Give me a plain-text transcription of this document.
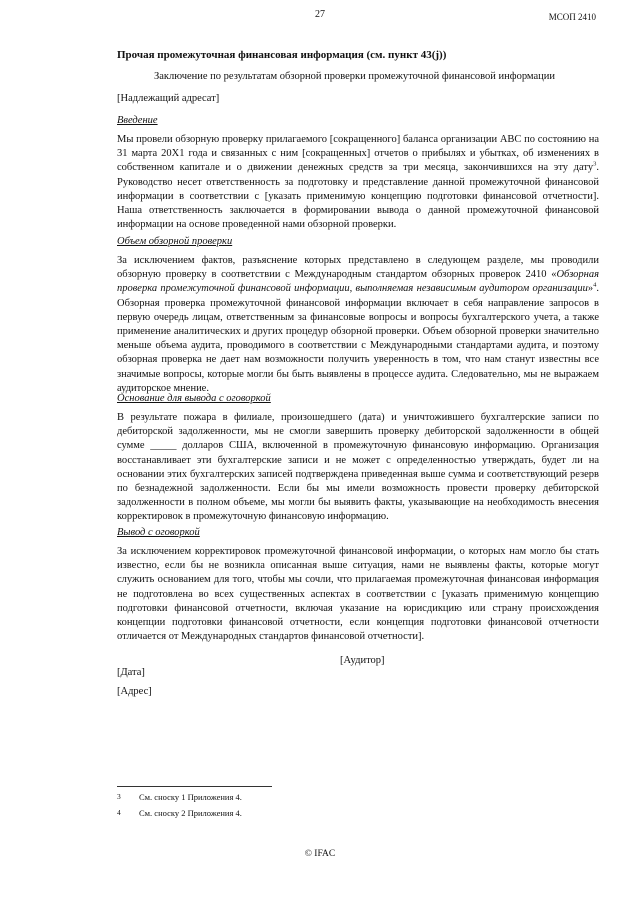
27	МСОП 2410
Прочая промежуточная финансовая информация (см. пункт 43(j))
Заключение по результатам обзорной проверки промежуточной финансовой информации
[Надлежащий адресат]
Введение

Мы провели обзорную проверку прилагаемого [сокращенного] баланса организации АВС по состоянию на 31 марта 20Х1 года и связанных с ним [сокращенных] отчетов о прибылях и убытках, об изменениях в собственном капитале и о движении денежных средств за три месяца, закончившихся на эту дату$^3$. Руководство несет ответственность за подготовку и представление данной промежуточной финансовой информации в соответствии с [указать применимую концепцию подготовки финансовой отчетности]. Наша ответственность заключается в формировании вывода о данной промежуточной финансовой информации на основе проведенной нами обзорной проверки.

Объем обзорной проверки

За исключением фактов, разъяснение которых представлено в следующем разделе, мы проводили обзорную проверку в соответствии с Международным стандартом обзорных проверок 2410 «Обзорная проверка промежуточной финансовой информации, выполняемая независимым аудитором организации»$^4$. Обзорная проверка промежуточной финансовой информации включает в себя направление запросов в первую очередь лицам, ответственным за финансовые вопросы и вопросы бухгалтерского учета, а также применение аналитических и других процедур обзорной проверки. Объем обзорной проверки значительно меньше объема аудита, проводимого в соответствии с Международными стандартами аудита, и поэтому обзорная проверка не дает нам возможности получить уверенность в том, что нам станут известны все значимые вопросы, которые могли бы быть выявлены в процессе аудита. Следовательно, мы не выражаем аудиторское мнение.

Основание для вывода с оговоркой

В результате пожара в филиале, произошедшего (дата) и уничтожившего бухгалтерские записи по дебиторской задолженности, мы не смогли завершить проверку дебиторской задолженности в общей сумме _____ долларов США, включенной в промежуточную финансовую информацию. Организация восстанавливает эти бухгалтерские записи и не может с определенностью утверждать, будет ли на основании этих бухгалтерских записей подтверждена приведенная выше сумма и соответствующий резерв по безнадежной задолженности. Если бы мы имели возможность провести проверку дебиторской задолженности в полном объеме, мы могли бы выявить факты, указывающие на необходимость внесения корректировок в промежуточную финансовую информацию.

Вывод с оговоркой

За исключением корректировок промежуточной финансовой информации, о которых нам могло бы стать известно, если бы не возникла описанная выше ситуация, нами не выявлены факты, которые могут служить основанием для того, чтобы мы сочли, что прилагаемая промежуточная финансовая информация не подготовлена во всех существенных аспектах в соответствии с [указать применимую концепцию подготовки финансовой отчетности, включая указание на юрисдикцию или страну происхождения концепции подготовки финансовой отчетности, если концепция подготовки финансовой отчетности отличается от Международных стандартов финансовой отчетности].

[Аудитор]
[Дата]
[Адрес]
3 См. сноску 1 Приложения 4.
4 См. сноску 2 Приложения 4.
© IFAC
